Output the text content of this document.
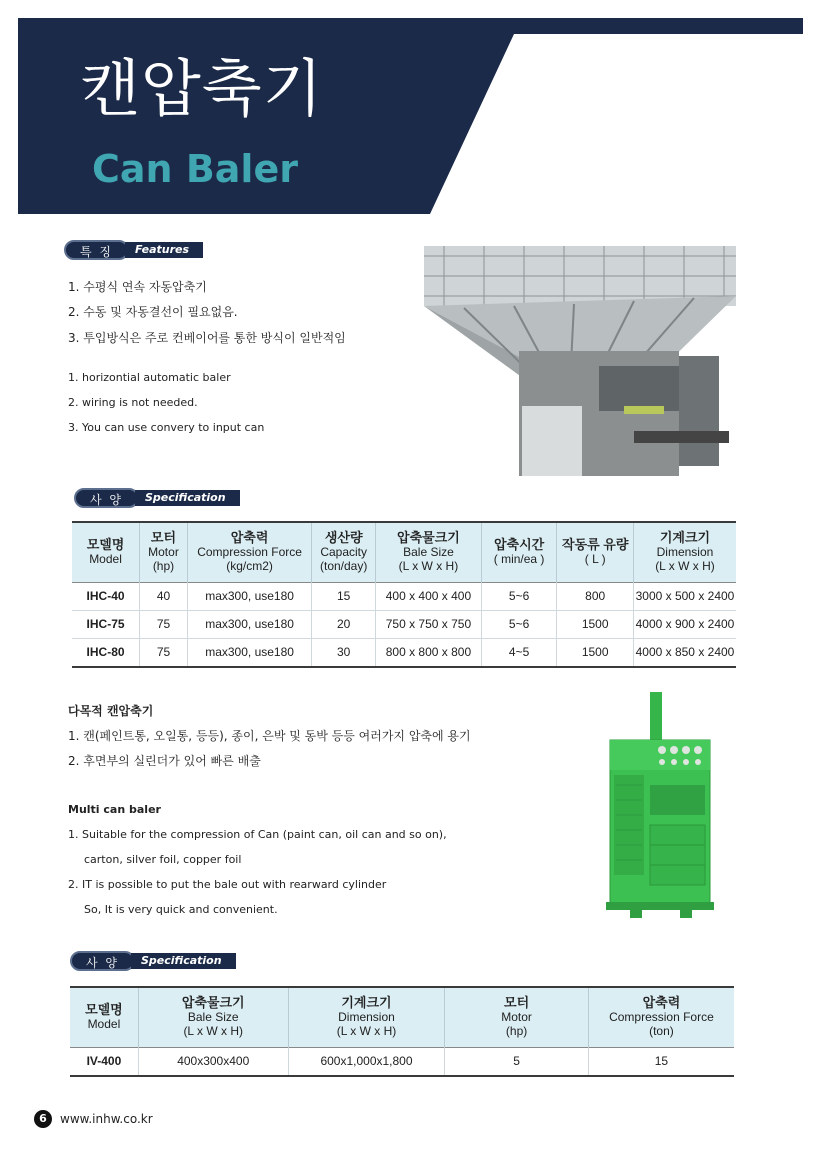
캔압축기
Can Baler
특 징	Features
1. 수평식 연속 자동압축기
2. 수동 및 자동결선이 필요없음.
3. 투입방식은 주로 컨베이어를 통한 방식이 일반적임
1. horizontial automatic baler
2. wiring is not needed.
3. You can use convery to input can
사 양	Specification
모델명
Model	모터
Motor
(hp)	압축력
Compression Force
(kg/cm2)	생산량
Capacity
(ton/day)	압축물크기
Bale Size
(L x W x H)	압축시간
( min/ea )	작동류 유량
( L )	기계크기
Dimension
(L x W x H)
IHC-40	40	max300, use180	15	400 x 400 x 400	5~6	800	3000 x 500 x 2400
IHC-75	75	max300, use180	20	750 x 750 x 750	5~6	1500	4000 x 900 x 2400
IHC-80	75	max300, use180	30	800 x 800 x 800	4~5	1500	4000 x 850 x 2400
다목적 캔압축기
1. 캔(페인트통, 오일통, 등등), 종이, 은박 및 동박 등등 여러가지 압축에 용기
2. 후면부의 실린더가 있어 빠른 배출
Multi can baler
1. Suitable for the compression of Can (paint can, oil can and so on),
carton, silver foil, copper foil
2. IT is possible to put the bale out with rearward cylinder
So, It is very quick and convenient.
사 양	Specification
모델명
Model	압축물크기
Bale Size
(L x W x H)	기계크기
Dimension
(L x W x H)	모터
Motor
(hp)	압축력
Compression Force
(ton)
IV-400	400x300x400	600x1,000x1,800	5	15
6	www.inhw.co.kr
